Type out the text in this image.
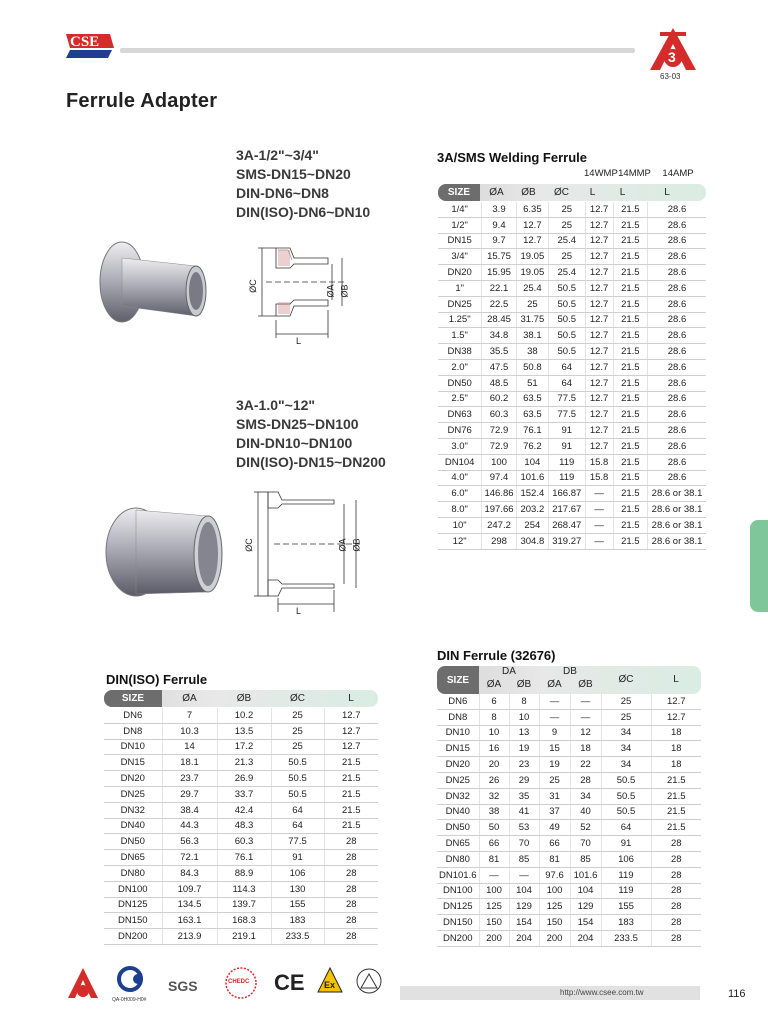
CSE
3
63-03
Ferrule Adapter
ØC	ØA ØB
L
3A-1/2"~3/4"
SMS-DN15~DN20
DIN-DN6~DN8
DIN(ISO)-DN6~DN10
ØC	ØA ØB
L
3A-1.0"~12"
SMS-DN25~DN100
DIN-DN10~DN100
DIN(ISO)-DN15~DN200
3A/SMS Welding Ferrule
14WMP 14MMP	14AMP
SIZE	ØA	ØB	ØC	L	L	L
1/4"	3.9	6.35	25	12.7	21.5	28.6
1/2"	9.4	12.7	25	12.7	21.5	28.6
DN15	9.7	12.7	25.4	12.7	21.5	28.6
3/4"	15.75	19.05	25	12.7	21.5	28.6
DN20	15.95	19.05	25.4	12.7	21.5	28.6
1"	22.1	25.4	50.5	12.7	21.5	28.6
DN25	22.5	25	50.5	12.7	21.5	28.6
1.25"	28.45	31.75	50.5	12.7	21.5	28.6
1.5"	34.8	38.1	50.5	12.7	21.5	28.6
DN38	35.5	38	50.5	12.7	21.5	28.6
2.0"	47.5	50.8	64	12.7	21.5	28.6
DN50	48.5	51	64	12.7	21.5	28.6
2.5"	60.2	63.5	77.5	12.7	21.5	28.6
DN63	60.3	63.5	77.5	12.7	21.5	28.6
DN76	72.9	76.1	91	12.7	21.5	28.6
3.0"	72.9	76.2	91	12.7	21.5	28.6
DN104	100	104	119	15.8	21.5	28.6
4.0"	97.4	101.6	119	15.8	21.5	28.6
6.0"	146.86	152.4	166.87	—	21.5	28.6 or 38.1
8.0"	197.66	203.2	217.67	—	21.5	28.6 or 38.1
10"	247.2	254	268.47	—	21.5	28.6 or 38.1
12"	298	304.8	319.27	—	21.5	28.6 or 38.1
DIN(ISO) Ferrule
SIZE	ØA	ØB	ØC	L
DN6	7	10.2	25	12.7
DN8	10.3	13.5	25	12.7
DN10	14	17.2	25	12.7
DN15	18.1	21.3	50.5	21.5
DN20	23.7	26.9	50.5	21.5
DN25	29.7	33.7	50.5	21.5
DN32	38.4	42.4	64	21.5
DN40	44.3	48.3	64	21.5
DN50	56.3	60.3	77.5	28
DN65	72.1	76.1	91	28
DN80	84.3	88.9	106	28
DN100	109.7	114.3	130	28
DN125	134.5	139.7	155	28
DN150	163.1	168.3	183	28
DN200	213.9	219.1	233.5	28
DIN Ferrule (32676)
SIZE
DA
ØA	ØB
DB
ØA	ØB	ØC	L
DN6	6	8	—	—	25	12.7
DN8	8	10	—	—	25	12.7
DN10	10	13	9	12	34	18
DN15	16	19	15	18	34	18
DN20	20	23	19	22	34	18
DN25	26	29	25	28	50.5	21.5
DN32	32	35	31	34	50.5	21.5
DN40	38	41	37	40	50.5	21.5
DN50	50	53	49	52	64	21.5
DN65	66	70	66	70	91	28
DN80	81	85	81	85	106	28
DN101.6	—	—	97.6	101.6	119	28
DN100	100	104	100	104	119	28
DN125	125	129	125	129	155	28
DN150	150	154	150	154	183	28
DN200	200	204	200	204	233.5	28
QA-0H009-H0#
SGS	CHEDC CE	Ex
http://www.csee.com.tw	116
